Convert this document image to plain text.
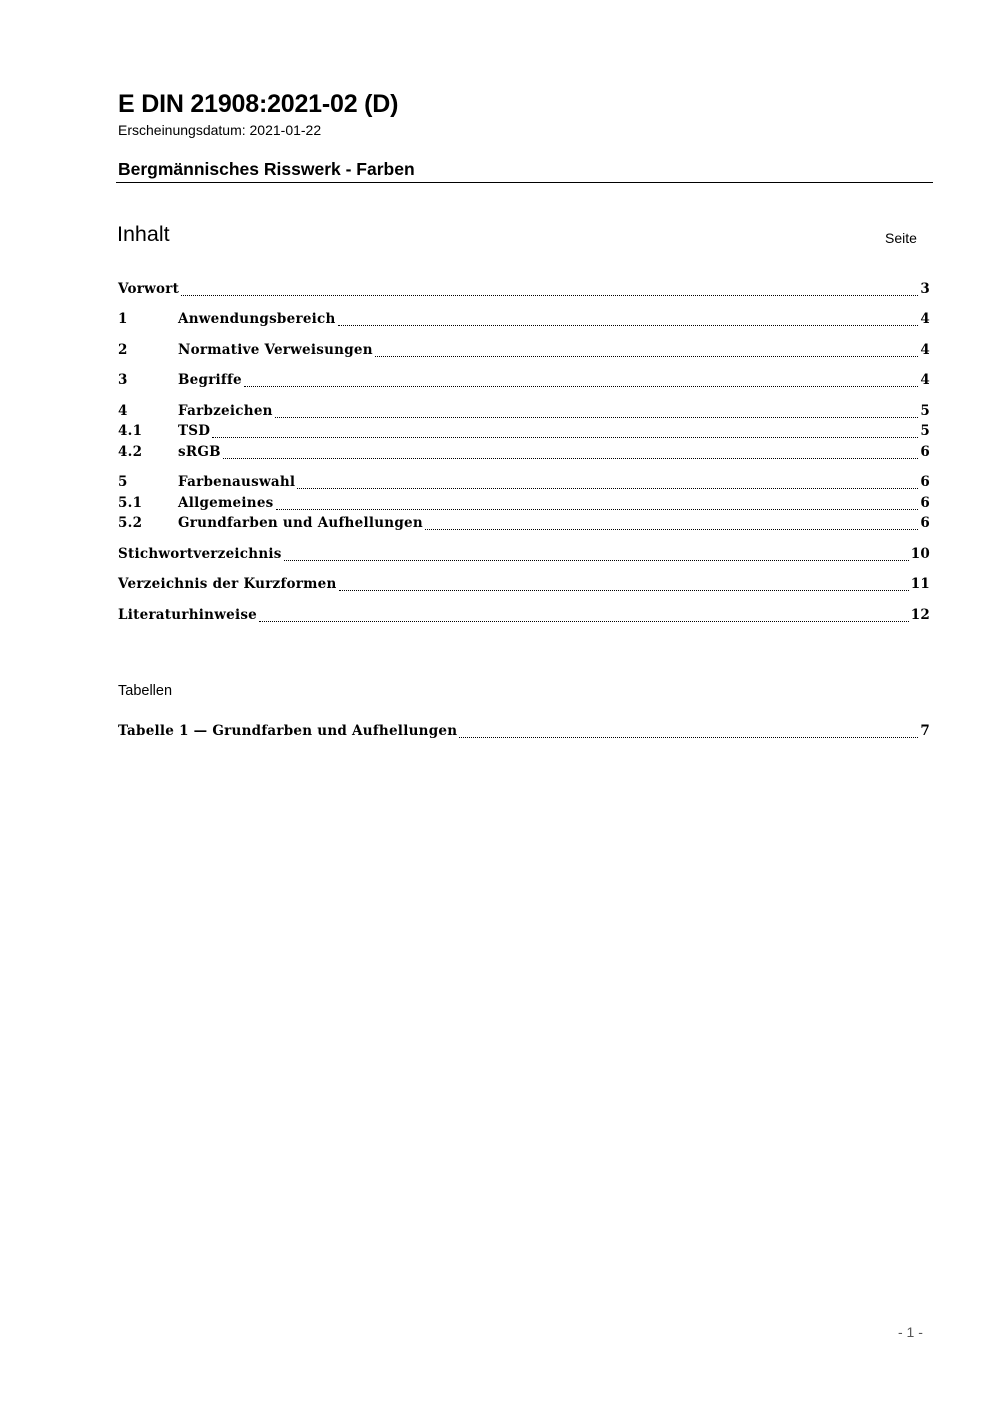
E DIN 21908:2021-02 (D)
Erscheinungsdatum: 2021-01-22
Bergmännisches Risswerk - Farben
Inhalt	Seite
Vorwort	3
1	Anwendungsbereich	4
2	Normative Verweisungen	4
3	Begriffe	4
4	Farbzeichen	5
4.1	TSD	5
4.2	sRGB	6
5	Farbenauswahl	6
5.1	Allgemeines	6
5.2	Grundfarben und Aufhellungen	6
Stichwortverzeichnis	10
Verzeichnis der Kurzformen	11
Literaturhinweise	12
Tabellen
Tabelle 1 — Grundfarben und Aufhellungen	7
- 1 -
